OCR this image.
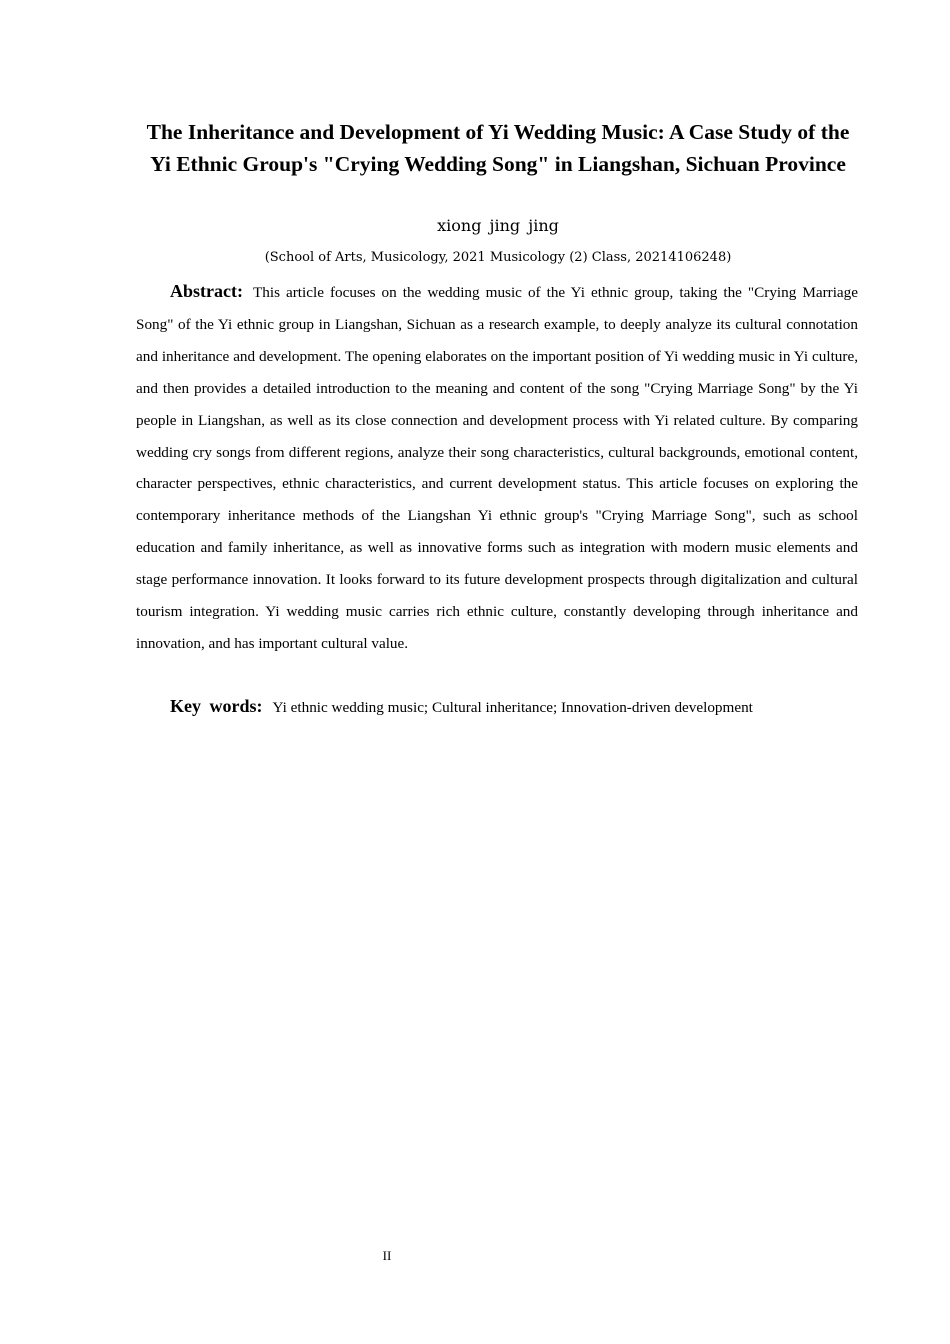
The Inheritance and Development of Yi Wedding Music: A Case Study of the Yi Ethnic Group's "Crying Wedding Song" in Liangshan, Sichuan Province
xiong jing jing
(School of Arts, Musicology, 2021 Musicology (2) Class, 20214106248)

Abstract: This article focuses on the wedding music of the Yi ethnic group, taking the "Crying Marriage Song" of the Yi ethnic group in Liangshan, Sichuan as a research example, to deeply analyze its cultural connotation and inheritance and development. The opening elaborates on the important position of Yi wedding music in Yi culture, and then provides a detailed introduction to the meaning and content of the song "Crying Marriage Song" by the Yi people in Liangshan, as well as its close connection and development process with Yi related culture. By comparing wedding cry songs from different regions, analyze their song characteristics, cultural backgrounds, emotional content, character perspectives, ethnic characteristics, and current development status. This article focuses on exploring the contemporary inheritance methods of the Liangshan Yi ethnic group's "Crying Marriage Song", such as school education and family inheritance, as well as innovative forms such as integration with modern music elements and stage performance innovation. It looks forward to its future development prospects through digitalization and cultural tourism integration. Yi wedding music carries rich ethnic culture, constantly developing through inheritance and innovation, and has important cultural value.

Key words: Yi ethnic wedding music; Cultural inheritance; Innovation-driven development

II
